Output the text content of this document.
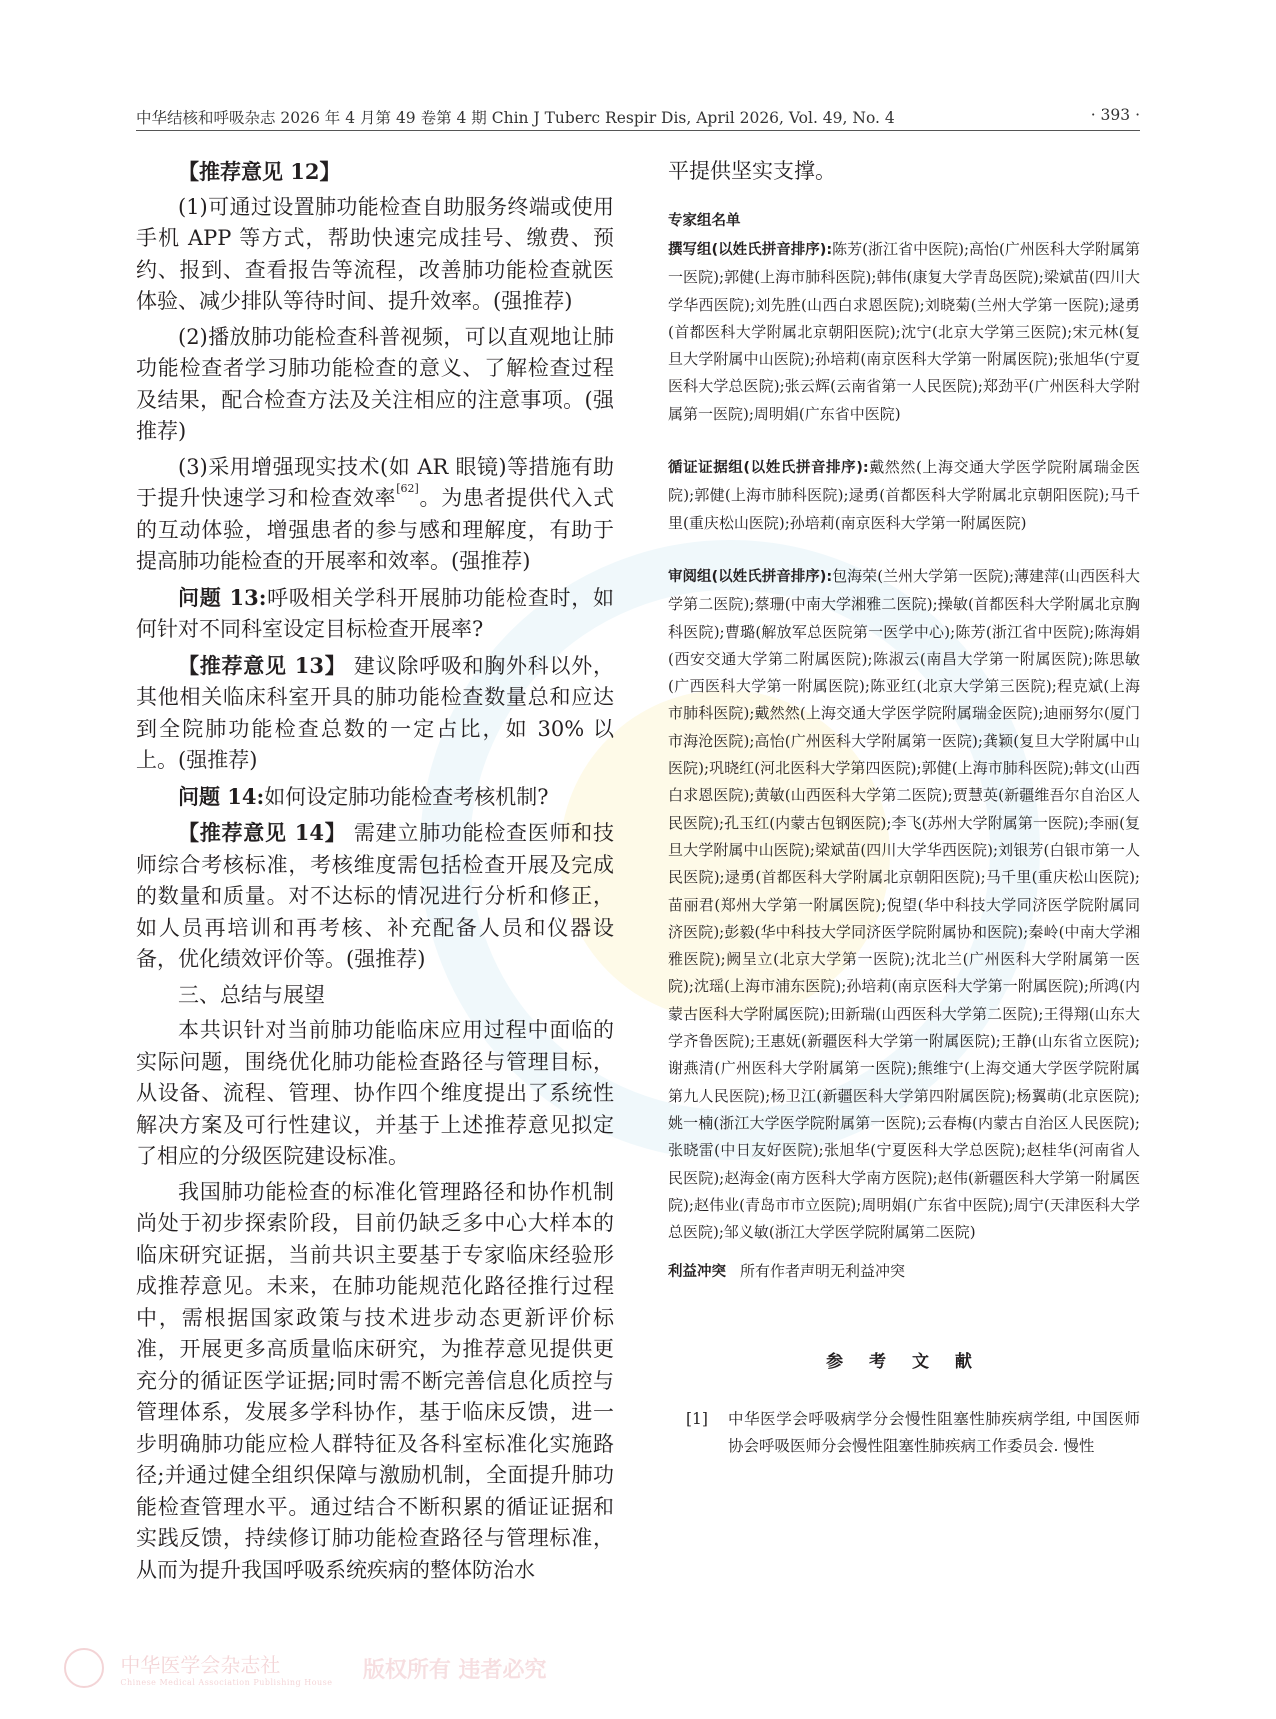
中华结核和呼吸杂志 2026 年 4 月第 49 卷第 4 期 Chin J Tuberc Respir Dis, April 2026, Vol. 49, No. 4	· 393 ·

【推荐意见 12】

(1)可通过设置肺功能检查自助服务终端或使用手机 APP 等方式，帮助快速完成挂号、缴费、预约、报到、查看报告等流程，改善肺功能检查就医体验、减少排队等待时间、提升效率。(强推荐)

(2)播放肺功能检查科普视频，可以直观地让肺功能检查者学习肺功能检查的意义、了解检查过程及结果，配合检查方法及关注相应的注意事项。(强推荐)

(3)采用增强现实技术(如 AR 眼镜)等措施有助于提升快速学习和检查效率[62]。为患者提供代入式的互动体验，增强患者的参与感和理解度，有助于提高肺功能检查的开展率和效率。(强推荐)

问题 13:呼吸相关学科开展肺功能检查时，如何针对不同科室设定目标检查开展率?

【推荐意见 13】 建议除呼吸和胸外科以外，其他相关临床科室开具的肺功能检查数量总和应达到全院肺功能检查总数的一定占比，如 30% 以上。(强推荐)

问题 14:如何设定肺功能检查考核机制?

【推荐意见 14】 需建立肺功能检查医师和技师综合考核标准，考核维度需包括检查开展及完成的数量和质量。对不达标的情况进行分析和修正，如人员再培训和再考核、补充配备人员和仪器设备，优化绩效评价等。(强推荐)

三、总结与展望

本共识针对当前肺功能临床应用过程中面临的实际问题，围绕优化肺功能检查路径与管理目标，从设备、流程、管理、协作四个维度提出了系统性解决方案及可行性建议，并基于上述推荐意见拟定了相应的分级医院建设标准。

我国肺功能检查的标准化管理路径和协作机制尚处于初步探索阶段，目前仍缺乏多中心大样本的临床研究证据，当前共识主要基于专家临床经验形成推荐意见。未来，在肺功能规范化路径推行过程中，需根据国家政策与技术进步动态更新评价标准，开展更多高质量临床研究，为推荐意见提供更充分的循证医学证据;同时需不断完善信息化质控与管理体系，发展多学科协作，基于临床反馈，进一步明确肺功能应检人群特征及各科室标准化实施路径;并通过健全组织保障与激励机制，全面提升肺功能检查管理水平。通过结合不断积累的循证证据和实践反馈，持续修订肺功能检查路径与管理标准，从而为提升我国呼吸系统疾病的整体防治水

平提供坚实支撑。

专家组名单

撰写组(以姓氏拼音排序):陈芳(浙江省中医院);高怡(广州医科大学附属第一医院);郭健(上海市肺科医院);韩伟(康复大学青岛医院);梁斌苗(四川大学华西医院);刘先胜(山西白求恩医院);刘晓菊(兰州大学第一医院);逯勇(首都医科大学附属北京朝阳医院);沈宁(北京大学第三医院);宋元林(复旦大学附属中山医院);孙培莉(南京医科大学第一附属医院);张旭华(宁夏医科大学总医院);张云辉(云南省第一人民医院);郑劲平(广州医科大学附属第一医院);周明娟(广东省中医院)

循证证据组(以姓氏拼音排序):戴然然(上海交通大学医学院附属瑞金医院);郭健(上海市肺科医院);逯勇(首都医科大学附属北京朝阳医院);马千里(重庆松山医院);孙培莉(南京医科大学第一附属医院)

审阅组(以姓氏拼音排序):包海荣(兰州大学第一医院);薄建萍(山西医科大学第二医院);蔡珊(中南大学湘雅二医院);操敏(首都医科大学附属北京胸科医院);曹璐(解放军总医院第一医学中心);陈芳(浙江省中医院);陈海娟(西安交通大学第二附属医院);陈淑云(南昌大学第一附属医院);陈思敏(广西医科大学第一附属医院);陈亚红(北京大学第三医院);程克斌(上海市肺科医院);戴然然(上海交通大学医学院附属瑞金医院);迪丽努尔(厦门市海沧医院);高怡(广州医科大学附属第一医院);龚颖(复旦大学附属中山医院);巩晓红(河北医科大学第四医院);郭健(上海市肺科医院);韩文(山西白求恩医院);黄敏(山西医科大学第二医院);贾慧英(新疆维吾尔自治区人民医院);孔玉红(内蒙古包钢医院);李飞(苏州大学附属第一医院);李丽(复旦大学附属中山医院);梁斌苗(四川大学华西医院);刘银芳(白银市第一人民医院);逯勇(首都医科大学附属北京朝阳医院);马千里(重庆松山医院);苗丽君(郑州大学第一附属医院);倪望(华中科技大学同济医学院附属同济医院);彭毅(华中科技大学同济医学院附属协和医院);秦岭(中南大学湘雅医院);阙呈立(北京大学第一医院);沈北兰(广州医科大学附属第一医院);沈瑶(上海市浦东医院);孙培莉(南京医科大学第一附属医院);所鸿(内蒙古医科大学附属医院);田新瑞(山西医科大学第二医院);王得翔(山东大学齐鲁医院);王惠妩(新疆医科大学第一附属医院);王静(山东省立医院);谢燕清(广州医科大学附属第一医院);熊维宁(上海交通大学医学院附属第九人民医院);杨卫江(新疆医科大学第四附属医院);杨翼萌(北京医院);姚一楠(浙江大学医学院附属第一医院);云春梅(内蒙古自治区人民医院);张晓雷(中日友好医院);张旭华(宁夏医科大学总医院);赵桂华(河南省人民医院);赵海金(南方医科大学南方医院);赵伟(新疆医科大学第一附属医院);赵伟业(青岛市市立医院);周明娟(广东省中医院);周宁(天津医科大学总医院);邹义敏(浙江大学医学院附属第二医院)

利益冲突 所有作者声明无利益冲突

参 考 文 献
[1] 中华医学会呼吸病学分会慢性阻塞性肺疾病学组, 中国医师协会呼吸医师分会慢性阻塞性肺疾病工作委员会. 慢性
中华医学会杂志社
Chinese Medical Association Publishing House 版权所有 违者必究
